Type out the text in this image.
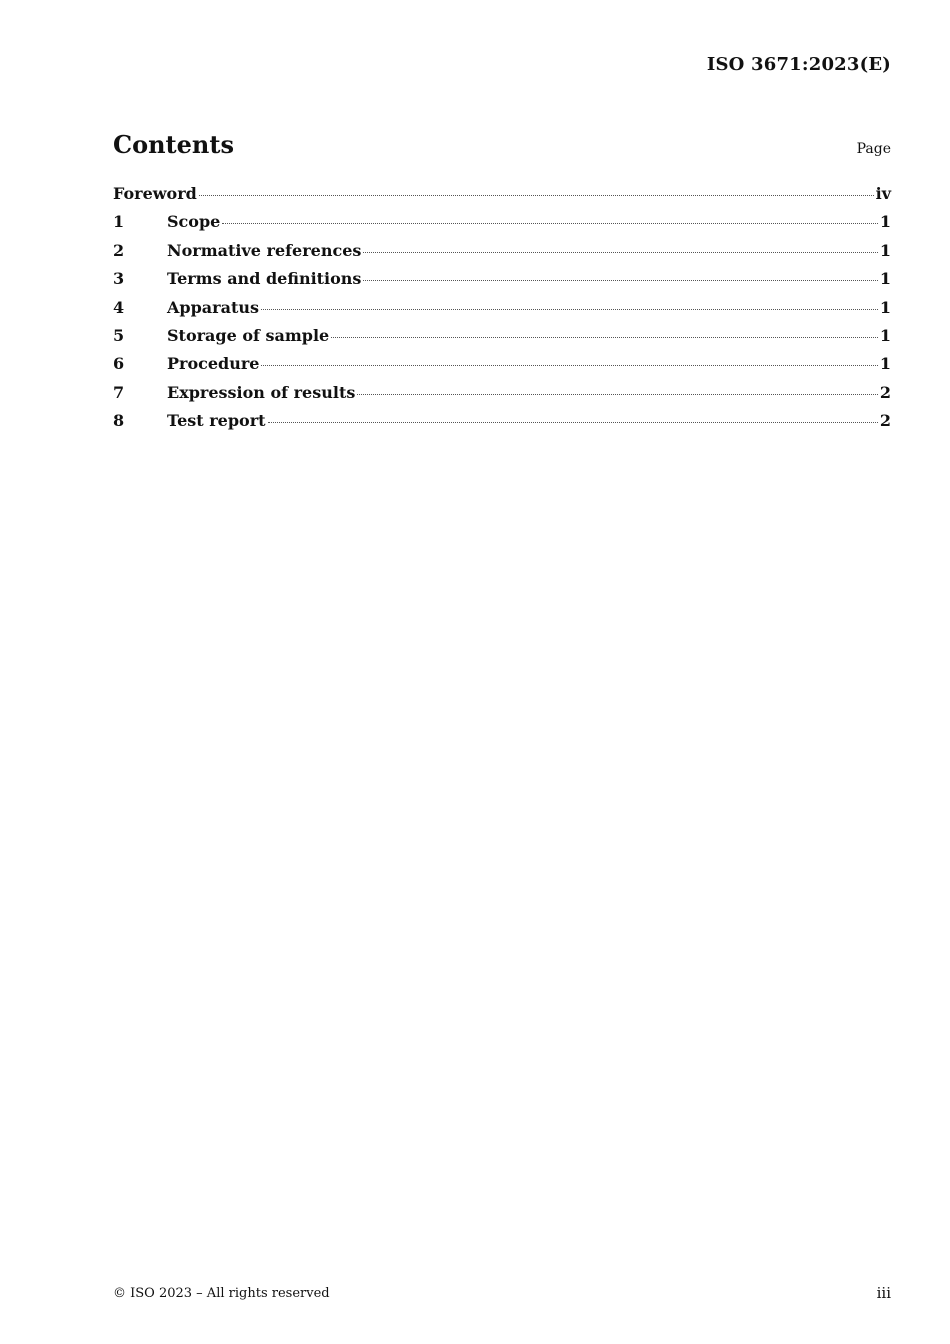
ISO 3671:2023(E)
Contents	Page
Foreword	iv
1	Scope	1
2	Normative references	1
3	Terms and definitions	1
4	Apparatus	1
5	Storage of sample	1
6	Procedure	1
7	Expression of results	2
8	Test report	2
© ISO 2023 – All rights reserved	iii
